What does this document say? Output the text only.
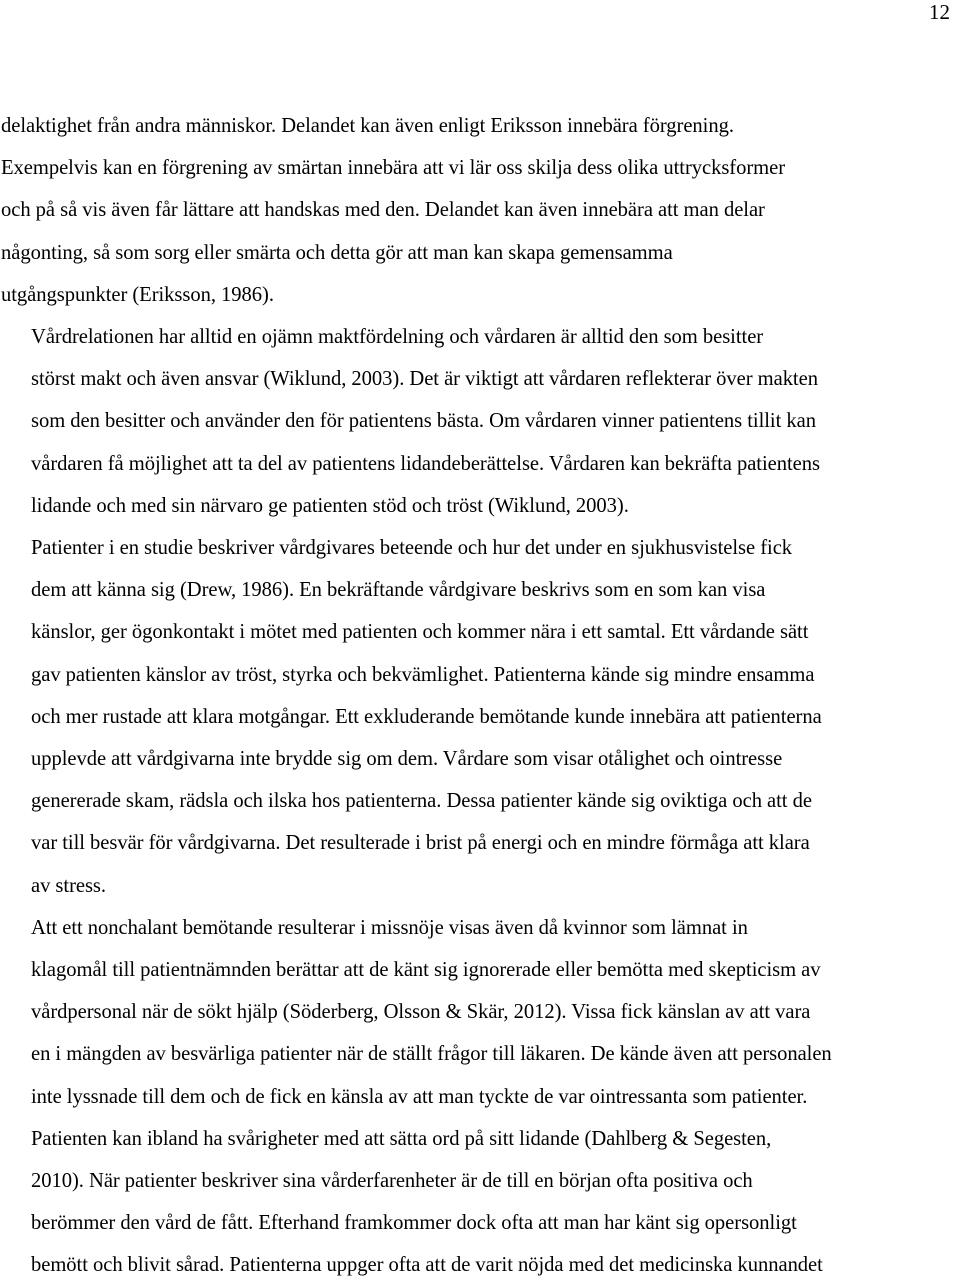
12

delaktighet från andra människor. Delandet kan även enligt Eriksson innebära förgrening.
Exempelvis kan en förgrening av smärtan innebära att vi lär oss skilja dess olika uttrycksformer
och på så vis även får lättare att handskas med den. Delandet kan även innebära att man delar
någonting, så som sorg eller smärta och detta gör att man kan skapa gemensamma
utgångspunkter (Eriksson, 1986).

Vårdrelationen har alltid en ojämn maktfördelning och vårdaren är alltid den som besitter
störst makt och även ansvar (Wiklund, 2003). Det är viktigt att vårdaren reflekterar över makten
som den besitter och använder den för patientens bästa. Om vårdaren vinner patientens tillit kan
vårdaren få möjlighet att ta del av patientens lidandeberättelse. Vårdaren kan bekräfta patientens
lidande och med sin närvaro ge patienten stöd och tröst (Wiklund, 2003).

Patienter i en studie beskriver vårdgivares beteende och hur det under en sjukhusvistelse fick
dem att känna sig (Drew, 1986). En bekräftande vårdgivare beskrivs som en som kan visa
känslor, ger ögonkontakt i mötet med patienten och kommer nära i ett samtal. Ett vårdande sätt
gav patienten känslor av tröst, styrka och bekvämlighet. Patienterna kände sig mindre ensamma
och mer rustade att klara motgångar. Ett exkluderande bemötande kunde innebära att patienterna
upplevde att vårdgivarna inte brydde sig om dem. Vårdare som visar otålighet och ointresse
genererade skam, rädsla och ilska hos patienterna. Dessa patienter kände sig oviktiga och att de
var till besvär för vårdgivarna. Det resulterade i brist på energi och en mindre förmåga att klara
av stress.

Att ett nonchalant bemötande resulterar i missnöje visas även då kvinnor som lämnat in
klagomål till patientnämnden berättar att de känt sig ignorerade eller bemötta med skepticism av
vårdpersonal när de sökt hjälp (Söderberg, Olsson & Skär, 2012). Vissa fick känslan av att vara
en i mängden av besvärliga patienter när de ställt frågor till läkaren. De kände även att personalen
inte lyssnade till dem och de fick en känsla av att man tyckte de var ointressanta som patienter.

Patienten kan ibland ha svårigheter med att sätta ord på sitt lidande (Dahlberg & Segesten,
2010). När patienter beskriver sina vårderfarenheter är de till en början ofta positiva och
berömmer den vård de fått. Efterhand framkommer dock ofta att man har känt sig opersonligt
bemött och blivit sårad. Patienterna uppger ofta att de varit nöjda med det medicinska kunnandet
